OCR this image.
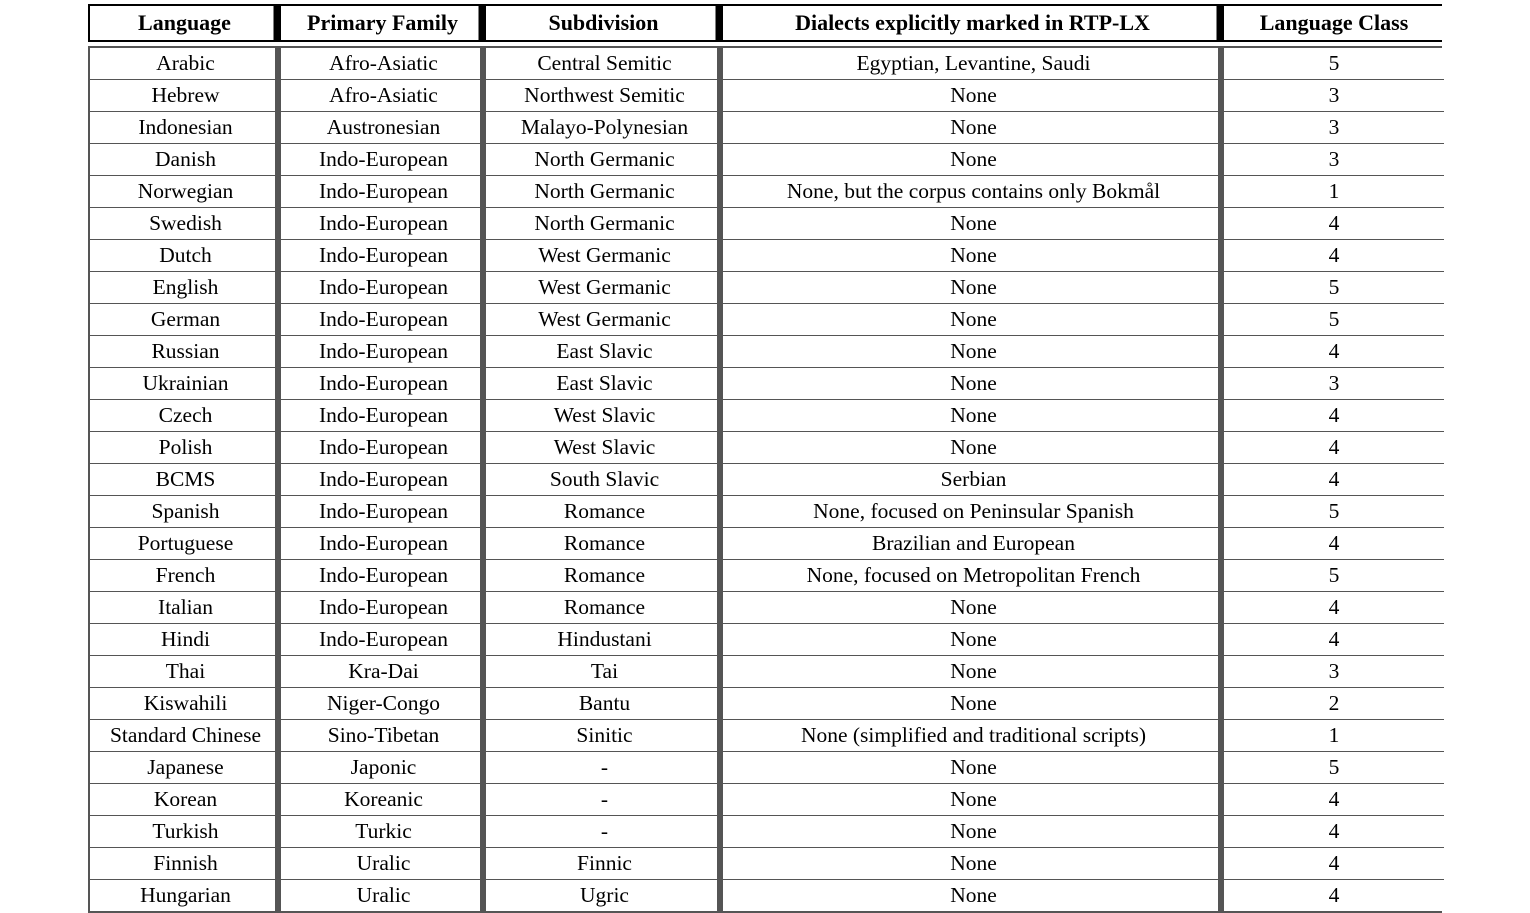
Language	Primary Family	Subdivision	Dialects explicitly marked in RTP-LX	Language Class
Arabic	Afro-Asiatic	Central Semitic	Egyptian, Levantine, Saudi	5
Hebrew	Afro-Asiatic	Northwest Semitic	None	3
Indonesian	Austronesian	Malayo-Polynesian	None	3
Danish	Indo-European	North Germanic	None	3
Norwegian	Indo-European	North Germanic	None, but the corpus contains only Bokmål	1
Swedish	Indo-European	North Germanic	None	4
Dutch	Indo-European	West Germanic	None	4
English	Indo-European	West Germanic	None	5
German	Indo-European	West Germanic	None	5
Russian	Indo-European	East Slavic	None	4
Ukrainian	Indo-European	East Slavic	None	3
Czech	Indo-European	West Slavic	None	4
Polish	Indo-European	West Slavic	None	4
BCMS	Indo-European	South Slavic	Serbian	4
Spanish	Indo-European	Romance	None, focused on Peninsular Spanish	5
Portuguese	Indo-European	Romance	Brazilian and European	4
French	Indo-European	Romance	None, focused on Metropolitan French	5
Italian	Indo-European	Romance	None	4
Hindi	Indo-European	Hindustani	None	4
Thai	Kra-Dai	Tai	None	3
Kiswahili	Niger-Congo	Bantu	None	2
Standard Chinese	Sino-Tibetan	Sinitic	None (simplified and traditional scripts)	1
Japanese	Japonic	-	None	5
Korean	Koreanic	-	None	4
Turkish	Turkic	-	None	4
Finnish	Uralic	Finnic	None	4
Hungarian	Uralic	Ugric	None	4
